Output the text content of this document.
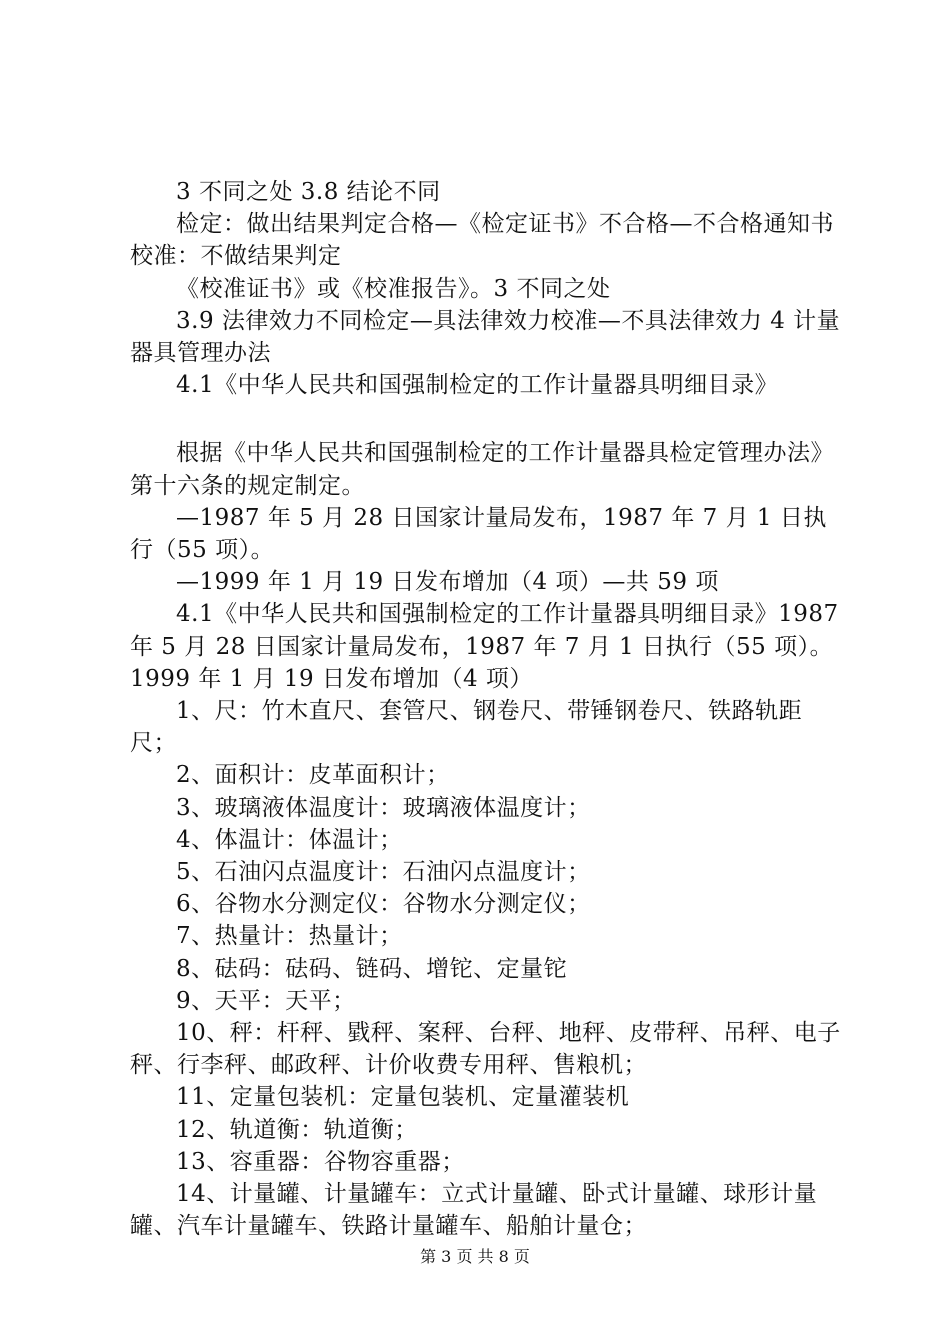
3 不同之处 3.8 结论不同

检定：做出结果判定合格—《检定证书》不合格—不合格通知书校准：不做结果判定

《校准证书》或《校准报告》。3 不同之处

3.9 法律效力不同检定—具法律效力校准—不具法律效力 4 计量器具管理办法

4.1《中华人民共和国强制检定的工作计量器具明细目录》

根据《中华人民共和国强制检定的工作计量器具检定管理办法》第十六条的规定制定。

—1987 年 5 月 28 日国家计量局发布，1987 年 7 月 1 日执行（55 项）。

—1999 年 1 月 19 日发布增加（4 项）—共 59 项

4.1《中华人民共和国强制检定的工作计量器具明细目录》1987 年 5 月 28 日国家计量局发布，1987 年 7 月 1 日执行（55 项）。1999 年 1 月 19 日发布增加（4 项）

1、尺：竹木直尺、套管尺、钢卷尺、带锤钢卷尺、铁路轨距尺；

2、面积计：皮革面积计；

3、玻璃液体温度计：玻璃液体温度计；

4、体温计：体温计；

5、石油闪点温度计：石油闪点温度计；

6、谷物水分测定仪：谷物水分测定仪；

7、热量计：热量计；

8、砝码：砝码、链码、增铊、定量铊

9、天平：天平；

10、秤：杆秤、戥秤、案秤、台秤、地秤、皮带秤、吊秤、电子秤、行李秤、邮政秤、计价收费专用秤、售粮机；

11、定量包装机：定量包装机、定量灌装机

12、轨道衡：轨道衡；

13、容重器：谷物容重器；

14、计量罐、计量罐车：立式计量罐、卧式计量罐、球形计量罐、汽车计量罐车、铁路计量罐车、船舶计量仓；

第 3 页 共 8 页
